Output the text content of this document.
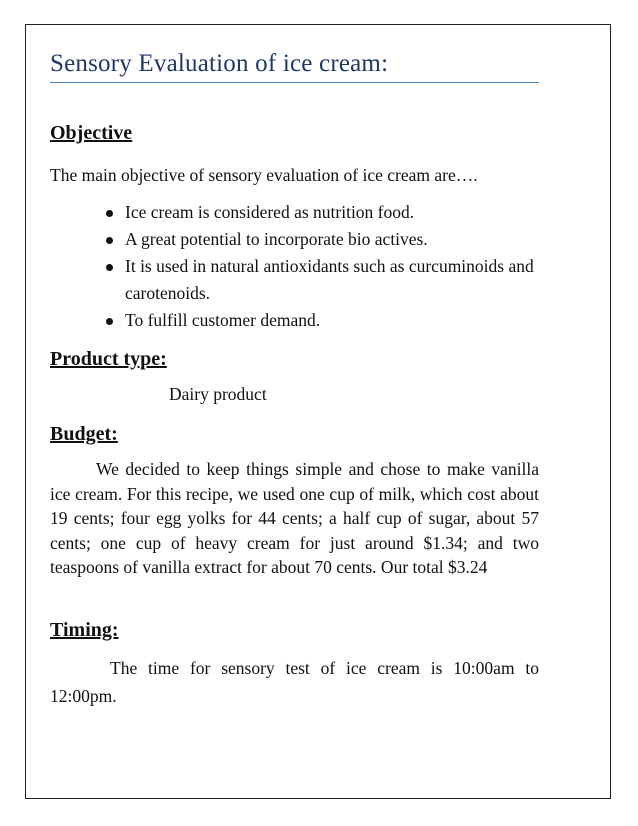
Sensory Evaluation of ice cream:
Objective

The main objective of sensory evaluation of ice cream are….

Ice cream is considered as nutrition food.
A great potential to incorporate bio actives.
It is used in natural antioxidants such as curcuminoids and carotenoids.
To fulfill customer demand.
Product type:
Dairy product
Budget:

We decided to keep things simple and chose to make vanilla ice cream. For this recipe, we used one cup of milk, which cost about 19 cents; four egg yolks for 44 cents; a half cup of sugar, about 57 cents; one cup of heavy cream for just around $1.34; and two teaspoons of vanilla extract for about 70 cents. Our total $3.24

Timing:

The time for sensory test of ice cream is 10:00am to 12:00pm.
